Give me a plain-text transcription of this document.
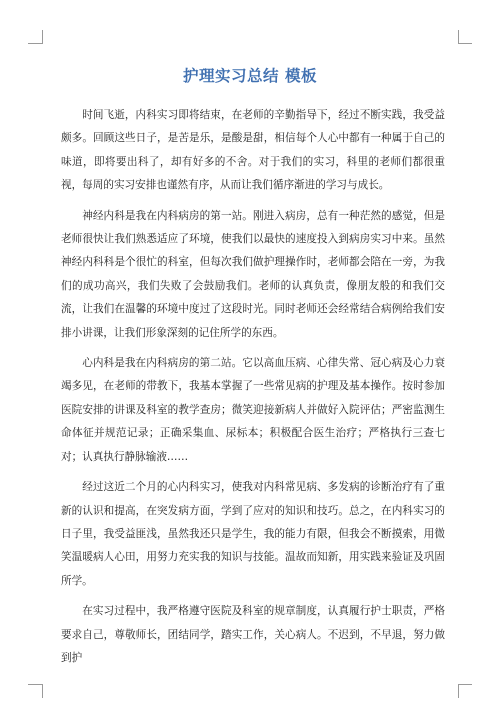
护理实习总结 模板

时间飞逝，内科实习即将结束，在老师的辛勤指导下，经过不断实践，我受益颇多。回顾这些日子，是苦是乐，是酸是甜，相信每个人心中都有一种属于自己的味道，即将要出科了，却有好多的不舍。对于我们的实习，科里的老师们都很重视，每周的实习安排也谨然有序，从而让我们循序渐进的学习与成长。

神经内科是我在内科病房的第一站。刚进入病房，总有一种茫然的感觉，但是老师很快让我们熟悉适应了环境，使我们以最快的速度投入到病房实习中来。虽然神经内科科是个很忙的科室，但每次我们做护理操作时，老师都会陪在一旁，为我们的成功高兴，我们失败了会鼓励我们。老师的认真负责，像朋友般的和我们交流，让我们在温馨的环境中度过了这段时光。同时老师还会经常结合病例给我们安排小讲课，让我们形象深刻的记住所学的东西。

心内科是我在内科病房的第二站。它以高血压病、心律失常、冠心病及心力衰竭多见，在老师的带教下，我基本掌握了一些常见病的护理及基本操作。按时参加医院安排的讲课及科室的教学查房；微笑迎接新病人并做好入院评估；严密监测生命体征并规范记录；正确采集血、尿标本；积极配合医生治疗；严格执行三查七对；认真执行静脉输液……

经过这近二个月的心内科实习，使我对内科常见病、多发病的诊断治疗有了重新的认识和提高，在突发病方面，学到了应对的知识和技巧。总之，在内科实习的日子里，我受益匪浅，虽然我还只是学生，我的能力有限，但我会不断摸索，用微笑温暖病人心田，用努力充实我的知识与技能。温故而知新，用实践来验证及巩固所学。

在实习过程中，我严格遵守医院及科室的规章制度，认真履行护士职责，严格要求自己，尊敬师长，团结同学，踏实工作，关心病人。不迟到，不早退，努力做到护
